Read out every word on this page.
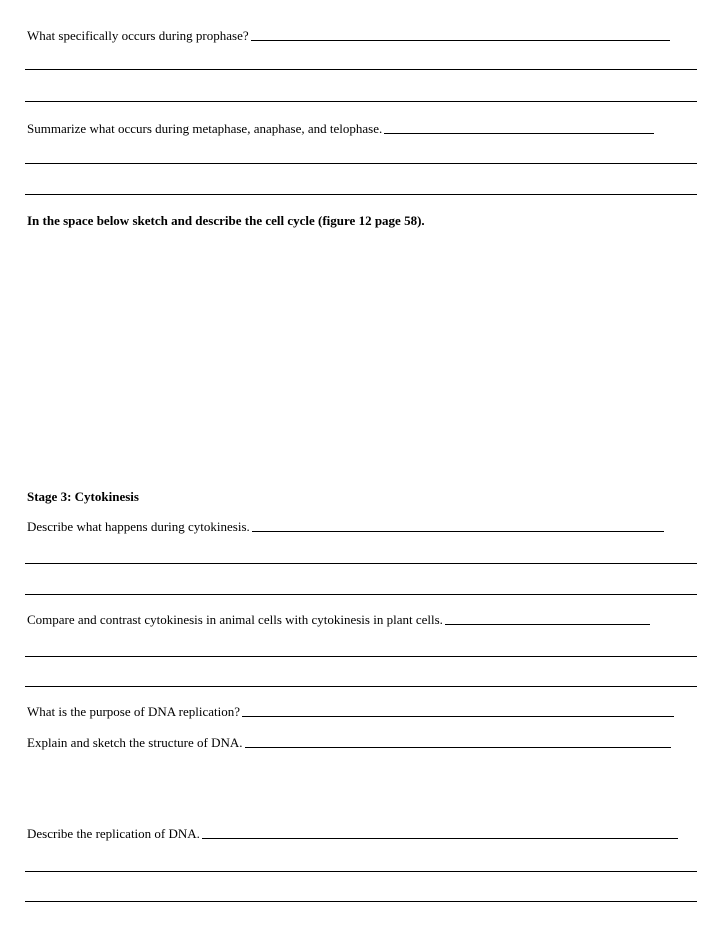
What specifically occurs during prophase?
Summarize what occurs during metaphase, anaphase, and telophase.
In the space below sketch and describe the cell cycle (figure 12 page 58).
Stage 3: Cytokinesis
Describe what happens during cytokinesis.
Compare and contrast cytokinesis in animal cells with cytokinesis in plant cells.
What is the purpose of DNA replication?
Explain and sketch the structure of DNA.
Describe the replication of DNA.
